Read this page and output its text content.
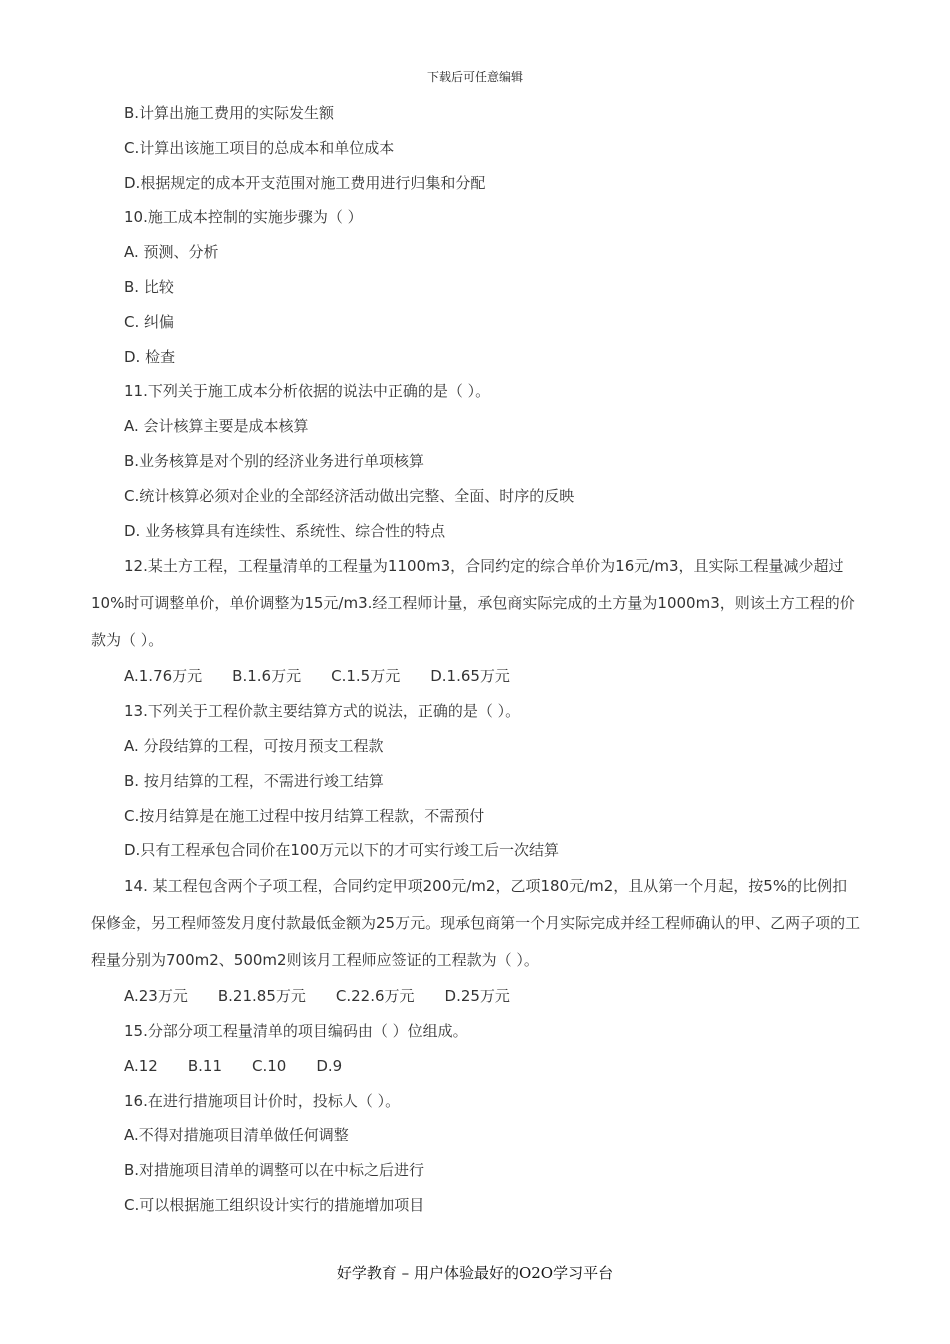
下载后可任意编辑
B.计算出施工费用的实际发生额
C.计算出该施工项目的总成本和单位成本
D.根据规定的成本开支范围对施工费用进行归集和分配
10.施工成本控制的实施步骤为（ ）
A. 预测、分析
B. 比较
C. 纠偏
D. 检查
11.下列关于施工成本分析依据的说法中正确的是（ ）。
A. 会计核算主要是成本核算
B.业务核算是对个别的经济业务进行单项核算
C.统计核算必须对企业的全部经济活动做出完整、全面、时序的反映
D. 业务核算具有连续性、系统性、综合性的特点

12.某土方工程，工程量清单的工程量为1100m3，合同约定的综合单价为16元/m3，且实际工程量减少超过10%时可调整单价，单价调整为15元/m3.经工程师计量，承包商实际完成的土方量为1000m3，则该土方工程的价款为（ ）。

A.1.76万元 B.1.6万元 C.1.5万元 D.1.65万元
13.下列关于工程价款主要结算方式的说法，正确的是（ ）。
A. 分段结算的工程，可按月预支工程款
B. 按月结算的工程，不需进行竣工结算
C.按月结算是在施工过程中按月结算工程款，不需预付
D.只有工程承包合同价在100万元以下的才可实行竣工后一次结算

14. 某工程包含两个子项工程，合同约定甲项200元/m2，乙项180元/m2，且从第一个月起，按5%的比例扣保修金，另工程师签发月度付款最低金额为25万元。现承包商第一个月实际完成并经工程师确认的甲、乙两子项的工程量分别为700m2、500m2则该月工程师应签证的工程款为（ ）。

A.23万元 B.21.85万元 C.22.6万元 D.25万元
15.分部分项工程量清单的项目编码由（ ）位组成。
A.12 B.11 C.10 D.9
16.在进行措施项目计价时，投标人（ ）。
A.不得对措施项目清单做任何调整
B.对措施项目清单的调整可以在中标之后进行
C.可以根据施工组织设计实行的措施增加项目
好学教育 – 用户体验最好的O2O学习平台
